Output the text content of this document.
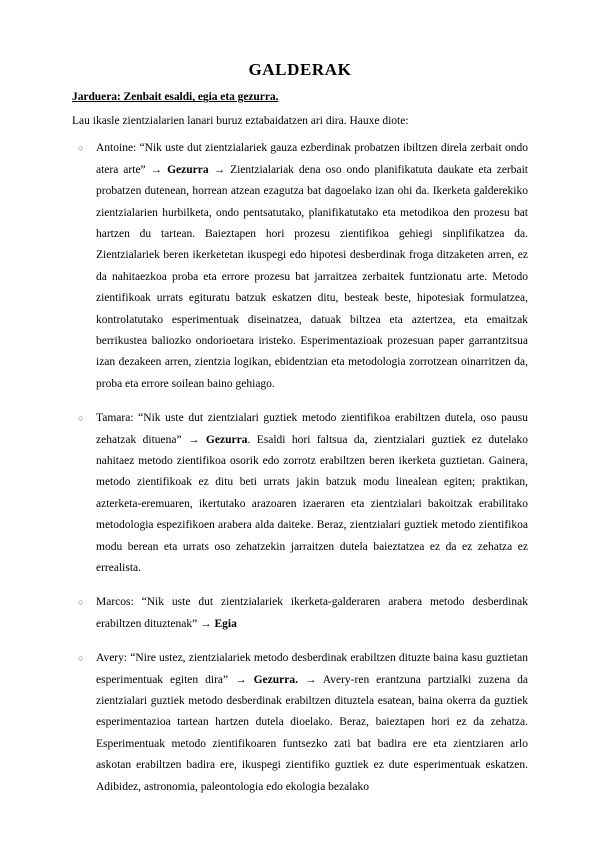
GALDERAK
Jarduera: Zenbait esaldi, egia eta gezurra.

Lau ikasle zientzialarien lanari buruz eztabaidatzen ari dira. Hauxe diote:

○ Antoine: “Nik uste dut zientzialariek gauza ezberdinak probatzen ibiltzen direla zerbait ondo atera arte” → Gezurra → Zientzialariak dena oso ondo planifikatuta daukate eta zerbait probatzen dutenean, horrean atzean ezagutza bat dagoelako izan ohi da. Ikerketa galderekiko zientzialarien hurbilketa, ondo pentsatutako, planifikatutako eta metodikoa den prozesu bat hartzen du tartean. Baieztapen hori prozesu zientifikoa gehiegi sinplifikatzea da. Zientzialariek beren ikerketetan ikuspegi edo hipotesi desberdinak froga ditzaketen arren, ez da nahitaezkoa proba eta errore prozesu bat jarraitzea zerbaitek funtzionatu arte. Metodo zientifikoak urrats egituratu batzuk eskatzen ditu, besteak beste, hipotesiak formulatzea, kontrolatutako esperimentuak diseinatzea, datuak biltzea eta aztertzea, eta emaitzak berrikustea baliozko ondorioetara iristeko. Esperimentazioak prozesuan paper garrantzitsua izan dezakeen arren, zientzia logikan, ebidentzian eta metodologia zorrotzean oinarritzen da, proba eta errore soilean baino gehiago.
○ Tamara: “Nik uste dut zientzialari guztiek metodo zientifikoa erabiltzen dutela, oso pausu zehatzak dituena” → Gezurra. Esaldi hori faltsua da, zientzialari guztiek ez dutelako nahitaez metodo zientifikoa osorik edo zorrotz erabiltzen beren ikerketa guztietan. Gainera, metodo zientifikoak ez ditu beti urrats jakin batzuk modu linealean egiten; praktikan, azterketa-eremuaren, ikertutako arazoaren izaeraren eta zientzialari bakoitzak erabilitako metodologia espezifikoen arabera alda daiteke. Beraz, zientzialari guztiek metodo zientifikoa modu berean eta urrats oso zehatzekin jarraitzen dutela baieztatzea ez da ez zehatza ez errealista.
○ Marcos: “Nik uste dut zientzialariek ikerketa-galderaren arabera metodo desberdinak erabiltzen dituztenak” → Egia
○ Avery: “Nire ustez, zientzialariek metodo desberdinak erabiltzen dituzte baina kasu guztietan esperimentuak egiten dira” → Gezurra. → Avery-ren erantzuna partzialki zuzena da zientzialari guztiek metodo desberdinak erabiltzen dituztela esatean, baina okerra da guztiek esperimentazioa tartean hartzen dutela dioelako. Beraz, baieztapen hori ez da zehatza. Esperimentuak metodo zientifikoaren funtsezko zati bat badira ere eta zientziaren arlo askotan erabiltzen badira ere, ikuspegi zientifiko guztiek ez dute esperimentuak eskatzen. Adibidez, astronomia, paleontologia edo ekologia bezalako
